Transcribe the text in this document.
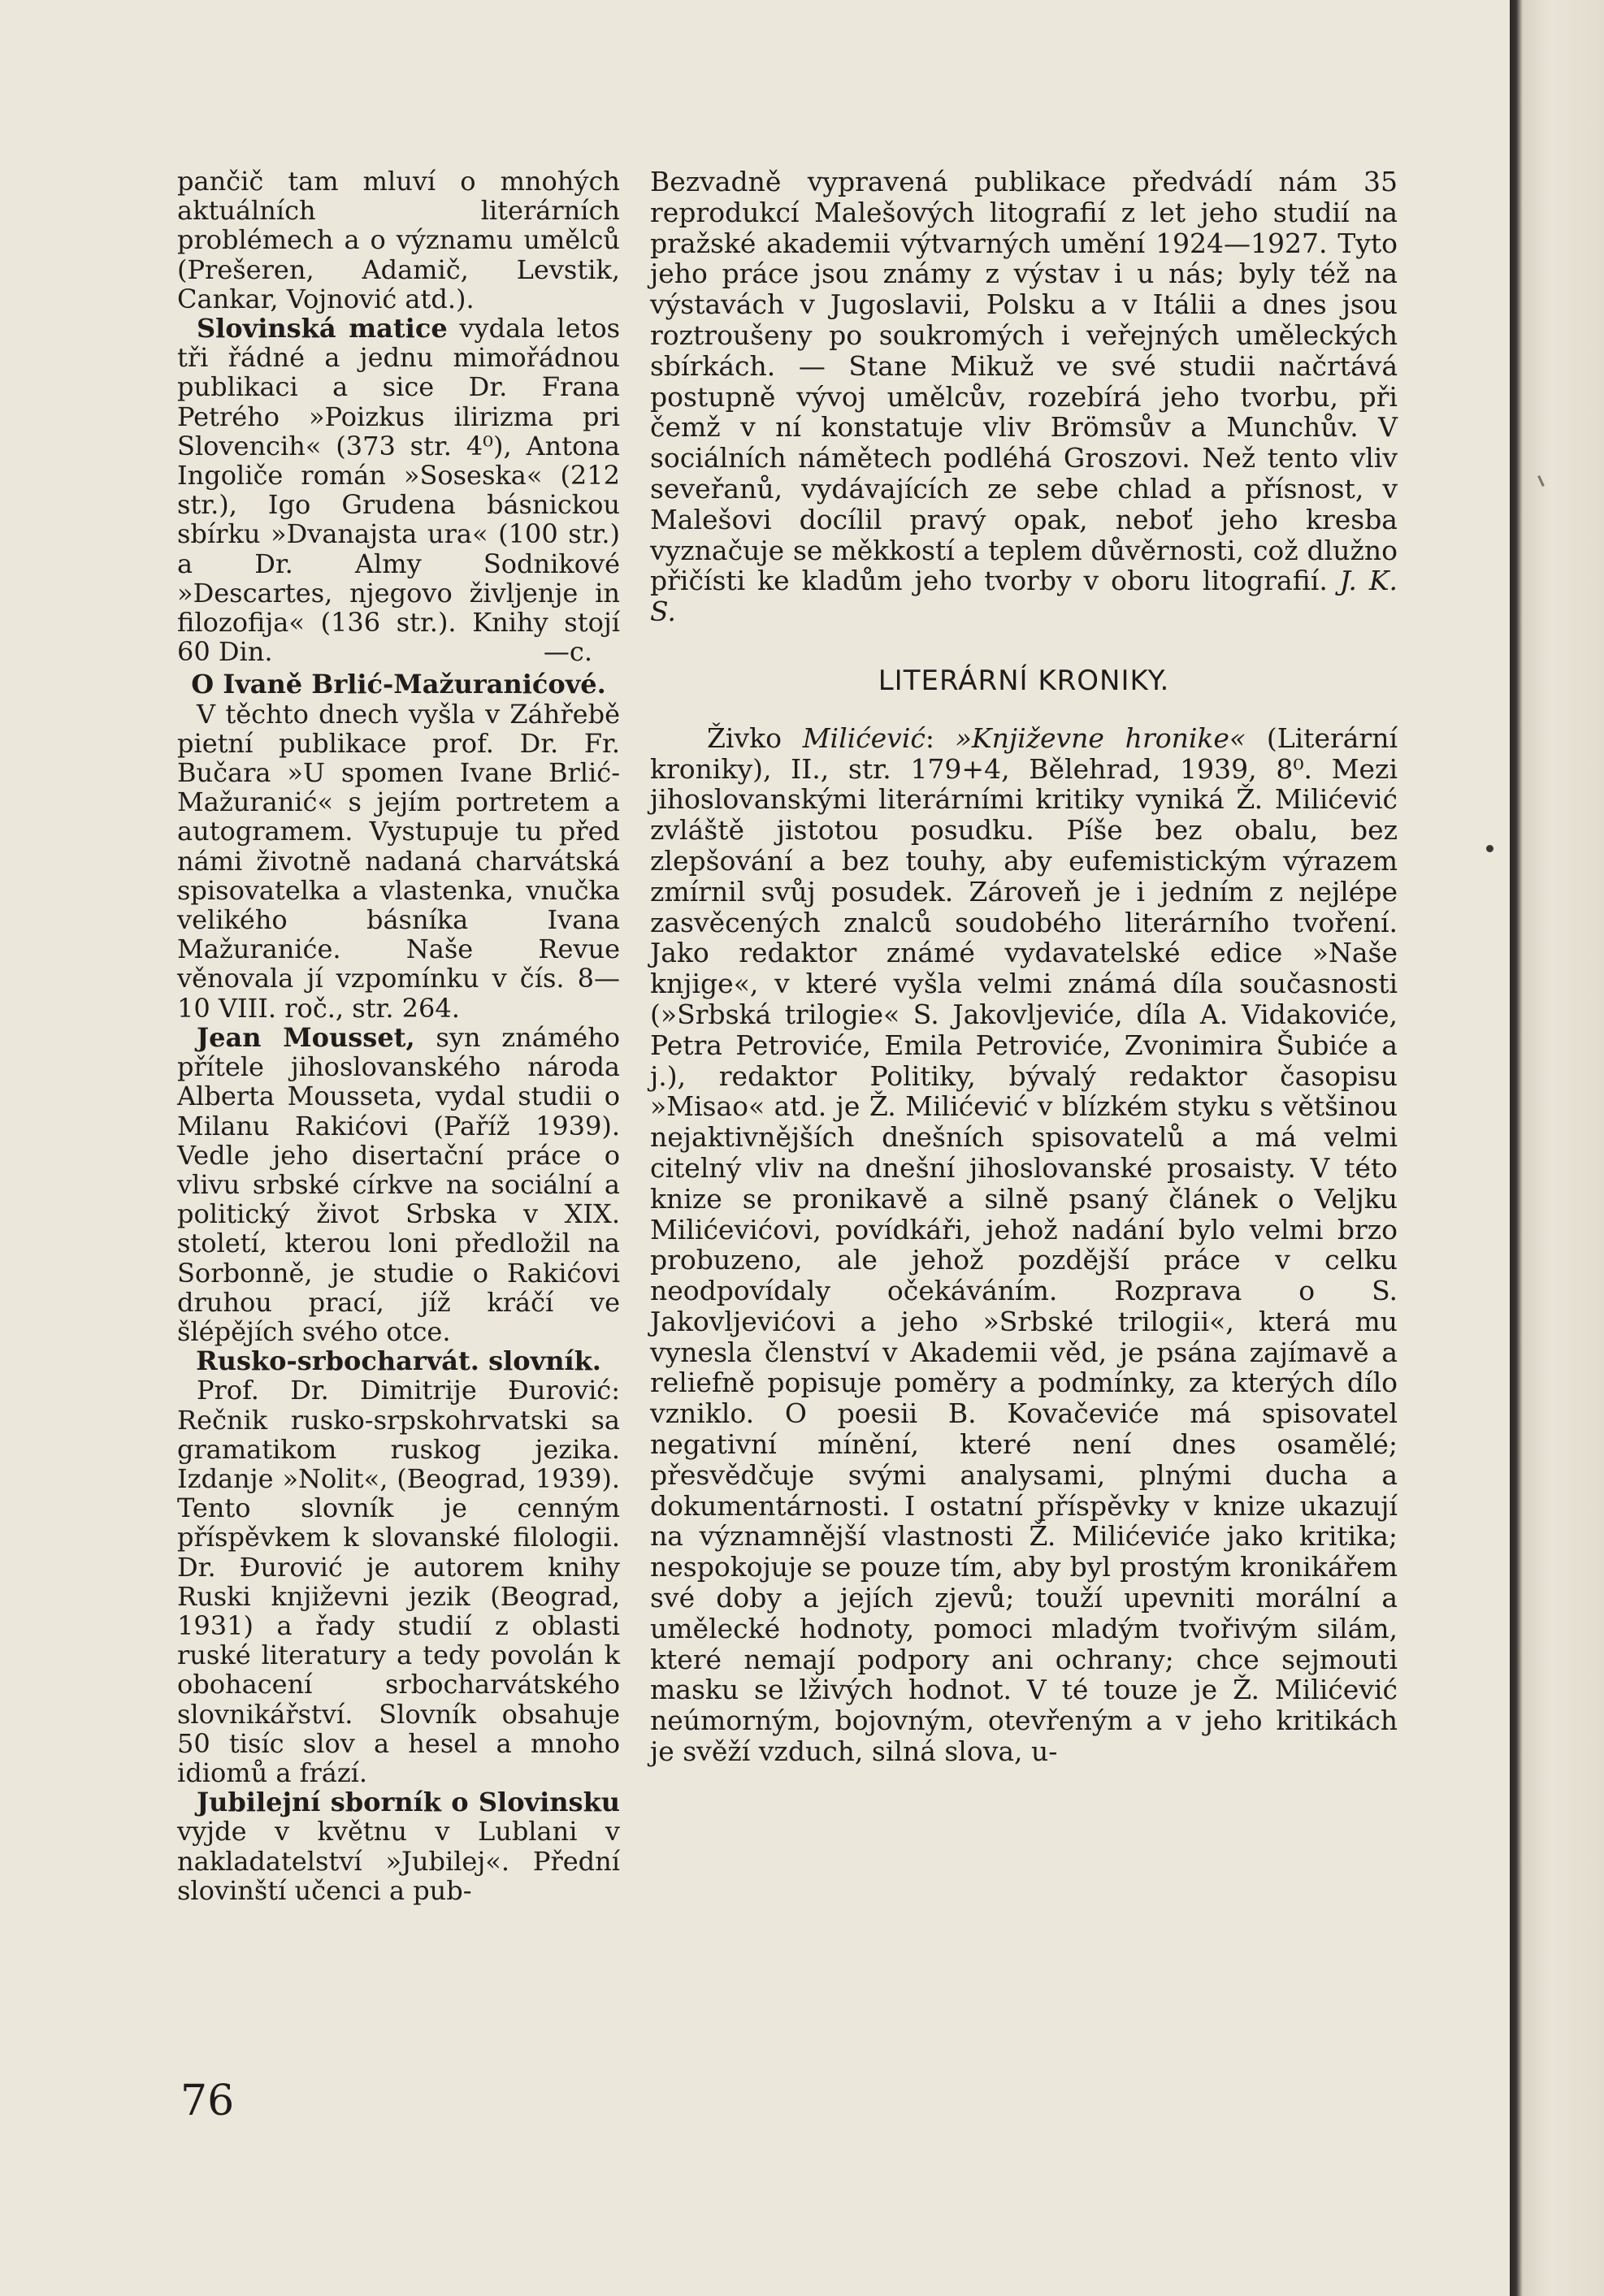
pančič tam mluví o mnohých aktuálních literárních problémech a o významu umělců (Prešeren, Adamič, Levstik, Cankar, Vojnović atd.).

Slovinská matice vydala letos tři řádné a jednu mimořádnou publikaci a sice Dr. Frana Petrého »Poizkus ilirizma pri Slovencih« (373 str. 4⁰), Antona Ingoliče román »Soseska« (212 str.), Igo Grudena básnickou sbírku »Dvanajsta ura« (100 str.) a Dr. Almy Sodnikové »Descartes, njegovo življenje in filozofija« (136 str.). Knihy stojí 60 Din.	—c.

O Ivaně Brlić-Mažuranićové.

V těchto dnech vyšla v Záhřebě pietní publikace prof. Dr. Fr. Bučara »U spomen Ivane Brlić-Mažuranić« s jejím portretem a autogramem. Vystupuje tu před námi životně nadaná charvátská spisovatelka a vlastenka, vnučka velikého básníka Ivana Mažuraniće. Naše Revue věnovala jí vzpomínku v čís. 8—10 VIII. roč., str. 264.

Jean Mousset, syn známého přítele jihoslovanského národa Alberta Mousseta, vydal studii o Milanu Rakićovi (Paříž 1939). Vedle jeho disertační práce o vlivu srbské církve na sociální a politický život Srbska v XIX. století, kterou loni předložil na Sorbonně, je studie o Rakićovi druhou prací, jíž kráčí ve šlépějích svého otce.

Rusko-srbocharvát. slovník.

Prof. Dr. Dimitrije Đurović: Rečnik rusko-srpskohrvatski sa gramatikom ruskog jezika. Izdanje »Nolit«, (Beograd, 1939). Tento slovník je cenným příspěvkem k slovanské filologii. Dr. Đurović je autorem knihy Ruski književni jezik (Beograd, 1931) a řady studií z oblasti ruské literatury a tedy povolán k obohacení srbocharvátského slovnikářství. Slovník obsahuje 50 tisíc slov a hesel a mnoho idiomů a frází.

Jubilejní sborník o Slovinsku vyjde v květnu v Lublani v nakladatelství »Jubilej«. Přední slovinští učenci a pub-

Bezvadně vypravená publikace předvádí nám 35 reprodukcí Malešových litografií z let jeho studií na pražské akademii výtvarných umění 1924—1927. Tyto jeho práce jsou známy z výstav i u nás; byly též na výstavách v Jugoslavii, Polsku a v Itálii a dnes jsou roztroušeny po soukromých i veřejných uměleckých sbírkách. — Stane Mikuž ve své studii načrtává postupně vývoj umělcův, rozebírá jeho tvorbu, při čemž v ní konstatuje vliv Brömsův a Munchův. V sociálních námětech podléhá Groszovi. Než tento vliv seveřanů, vydávajících ze sebe chlad a přísnost, v Malešovi docílil pravý opak, neboť jeho kresba vyznačuje se měkkostí a teplem důvěrnosti, což dlužno přičísti ke kladům jeho tvorby v oboru litografií. J. K. S.

LITERÁRNÍ KRONIKY.

Živko Milićević: »Književne hronike« (Literární kroniky), II., str. 179+4, Bělehrad, 1939, 8⁰. Mezi jihoslovanskými literárními kritiky vyniká Ž. Milićević zvláště jistotou posudku. Píše bez obalu, bez zlepšování a bez touhy, aby eufemistickým výrazem zmírnil svůj posudek. Zároveň je i jedním z nejlépe zasvěcených znalců soudobého literárního tvoření. Jako redaktor známé vydavatelské edice »Naše knjige«, v které vyšla velmi známá díla současnosti (»Srbská trilogie« S. Jakovljeviće, díla A. Vidakoviće, Petra Petroviće, Emila Petroviće, Zvonimira Šubiće a j.), redaktor Politiky, bývalý redaktor časopisu »Misao« atd. je Ž. Milićević v blízkém styku s většinou nejaktivnějších dnešních spisovatelů a má velmi citelný vliv na dnešní jihoslovanské prosaisty. V této knize se pronikavě a silně psaný článek o Veljku Milićevićovi, povídkáři, jehož nadání bylo velmi brzo probuzeno, ale jehož pozdější práce v celku neodpovídaly očekáváním. Rozprava o S. Jakovljevićovi a jeho »Srbské trilogii«, která mu vynesla členství v Akademii věd, je psána zajímavě a reliefně popisuje poměry a podmínky, za kterých dílo vzniklo. O poesii B. Kovačeviće má spisovatel negativní mínění, které není dnes osamělé; přesvědčuje svými analysami, plnými ducha a dokumentárnosti. I ostatní příspěvky v knize ukazují na významnější vlastnosti Ž. Milićeviće jako kritika; nespokojuje se pouze tím, aby byl prostým kronikářem své doby a jejích zjevů; touží upevniti morální a umělecké hodnoty, pomoci mladým tvořivým silám, které nemají podpory ani ochrany; chce sejmouti masku se lživých hodnot. V té touze je Ž. Milićević neúmorným, bojovným, otevřeným a v jeho kritikách je svěží vzduch, silná slova, u-

76
